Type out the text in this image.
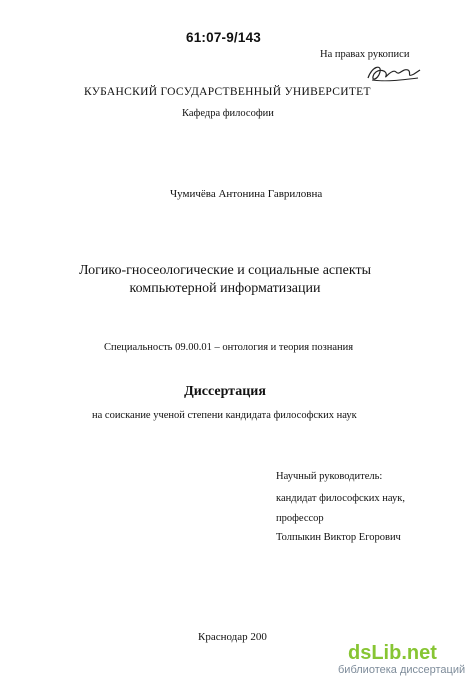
61:07-9/143
На правах рукописи
КУБАНСКИЙ ГОСУДАРСТВЕННЫЙ УНИВЕРСИТЕТ
Кафедра философии
Чумичёва Антонина Гавриловна
Логико-гносеологические и социальные аспекты
компьютерной информатизации
Специальность 09.00.01 – онтология и теория познания
Диссертация
на соискание ученой степени кандидата философских наук
Научный руководитель:
кандидат философских наук,
профессор
Толпыкин Виктор Егорович
Краснодар 200
dsLib.net
библиотека диссертаций
